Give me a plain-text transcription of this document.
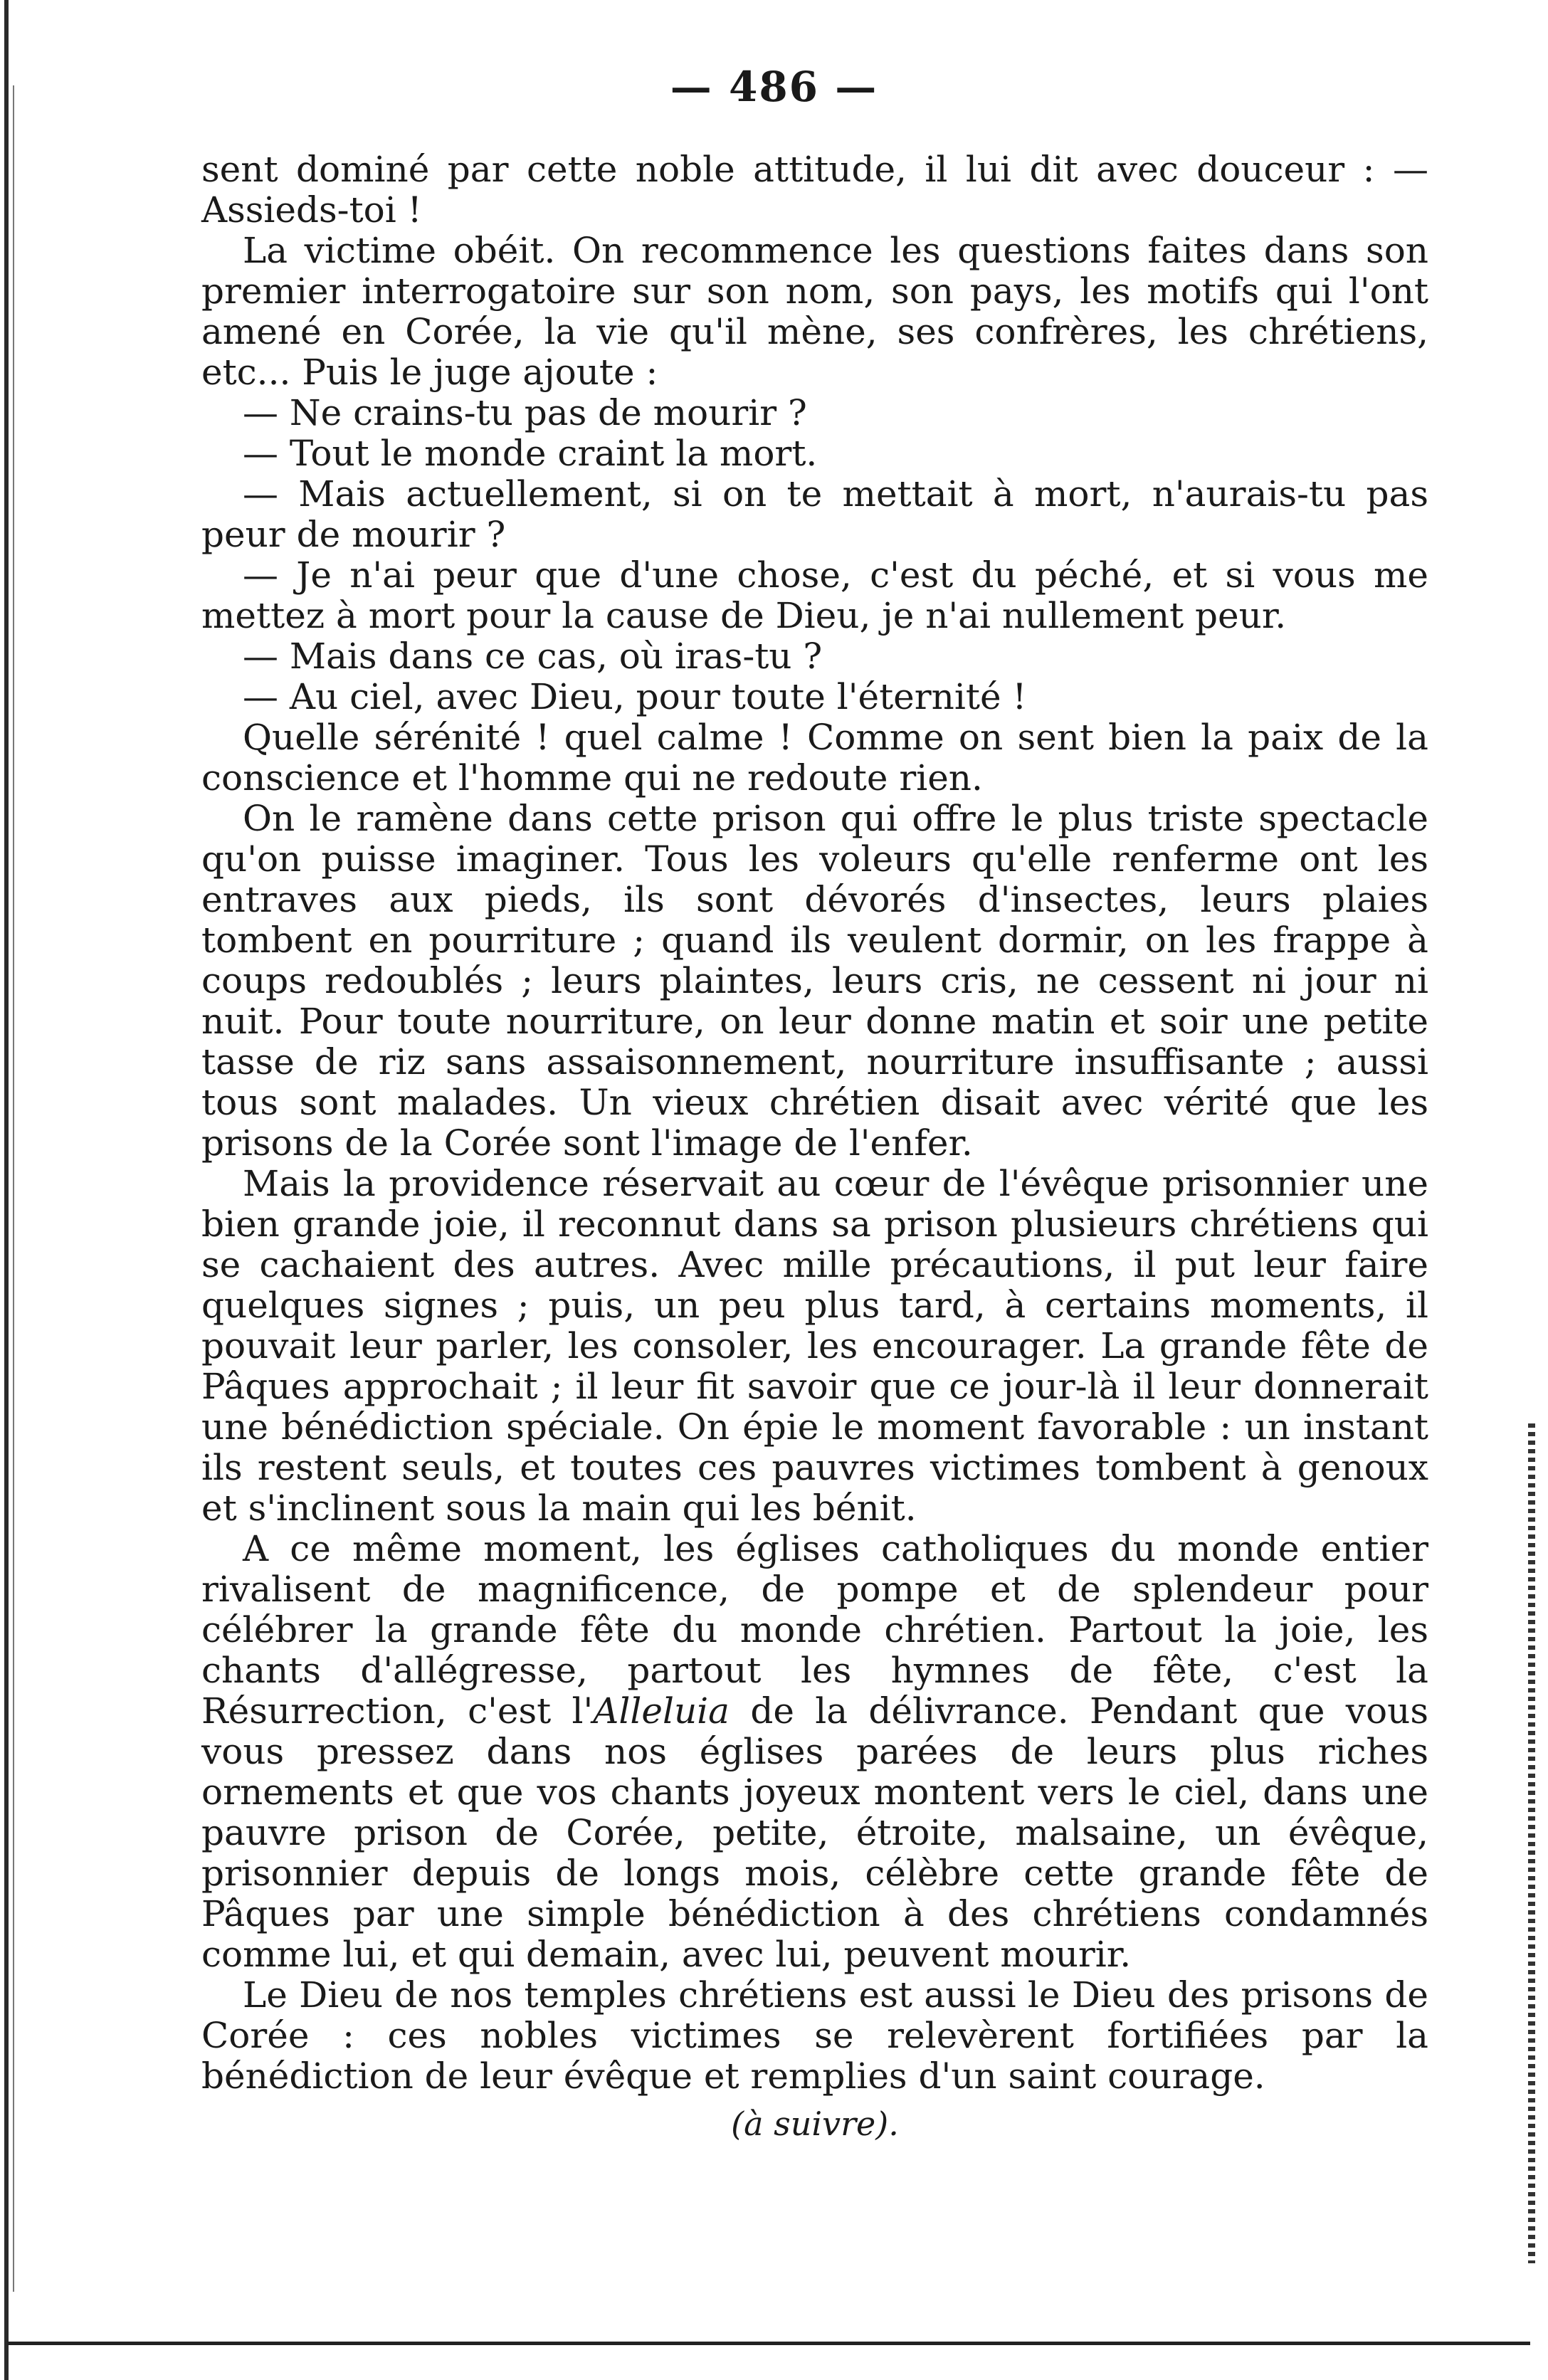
— 486 —

sent dominé par cette noble attitude, il lui dit avec douceur : — Assieds-toi !

La victime obéit. On recommence les questions faites dans son premier interrogatoire sur son nom, son pays, les motifs qui l'ont amené en Corée, la vie qu'il mène, ses confrères, les chrétiens, etc... Puis le juge ajoute :

— Ne crains-tu pas de mourir ?

— Tout le monde craint la mort.

— Mais actuellement, si on te mettait à mort, n'aurais-tu pas peur de mourir ?

— Je n'ai peur que d'une chose, c'est du péché, et si vous me mettez à mort pour la cause de Dieu, je n'ai nullement peur.

— Mais dans ce cas, où iras-tu ?

— Au ciel, avec Dieu, pour toute l'éternité !

Quelle sérénité ! quel calme ! Comme on sent bien la paix de la conscience et l'homme qui ne redoute rien.

On le ramène dans cette prison qui offre le plus triste spectacle qu'on puisse imaginer. Tous les voleurs qu'elle renferme ont les entraves aux pieds, ils sont dévorés d'insectes, leurs plaies tombent en pourriture ; quand ils veulent dormir, on les frappe à coups redoublés ; leurs plaintes, leurs cris, ne cessent ni jour ni nuit. Pour toute nourriture, on leur donne matin et soir une petite tasse de riz sans assaisonnement, nourriture insuffisante ; aussi tous sont malades. Un vieux chrétien disait avec vérité que les prisons de la Corée sont l'image de l'enfer.

Mais la providence réservait au cœur de l'évêque prisonnier une bien grande joie, il reconnut dans sa prison plusieurs chrétiens qui se cachaient des autres. Avec mille précautions, il put leur faire quelques signes ; puis, un peu plus tard, à certains moments, il pouvait leur parler, les consoler, les encourager. La grande fête de Pâques approchait ; il leur fit savoir que ce jour-là il leur donnerait une bénédiction spéciale. On épie le moment favorable : un instant ils restent seuls, et toutes ces pauvres victimes tombent à genoux et s'inclinent sous la main qui les bénit.

A ce même moment, les églises catholiques du monde entier rivalisent de magnificence, de pompe et de splendeur pour célébrer la grande fête du monde chrétien. Partout la joie, les chants d'allégresse, partout les hymnes de fête, c'est la Résurrection, c'est l'Alleluia de la délivrance. Pendant que vous vous pressez dans nos églises parées de leurs plus riches ornements et que vos chants joyeux montent vers le ciel, dans une pauvre prison de Corée, petite, étroite, malsaine, un évêque, prisonnier depuis de longs mois, célèbre cette grande fête de Pâques par une simple bénédiction à des chrétiens condamnés comme lui, et qui demain, avec lui, peuvent mourir.

Le Dieu de nos temples chrétiens est aussi le Dieu des prisons de Corée : ces nobles victimes se relevèrent fortifiées par la bénédiction de leur évêque et remplies d'un saint courage.

(à suivre).
